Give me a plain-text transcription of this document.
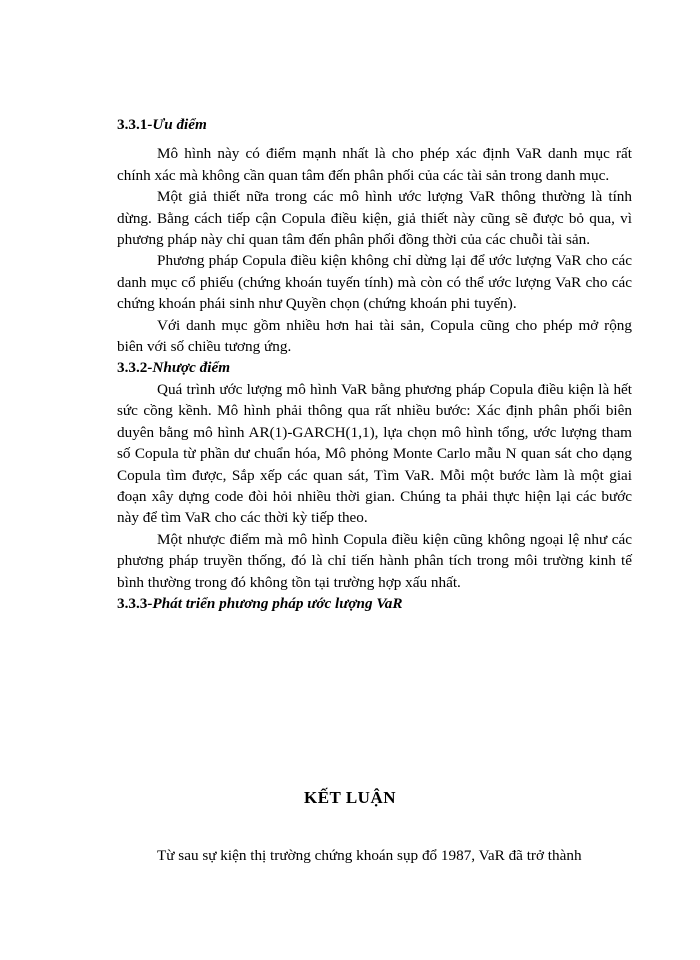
3.3.1-Ưu điểm

Mô hình này có điểm mạnh nhất là cho phép xác định VaR danh mục rất chính xác mà không cần quan tâm đến phân phối của các tài sản trong danh mục.

Một giả thiết nữa trong các mô hình ước lượng VaR thông thường là tính dừng. Bằng cách tiếp cận Copula điều kiện, giả thiết này cũng sẽ được bỏ qua, vì phương pháp này chỉ quan tâm đến phân phối đồng thời của các chuỗi tài sản.

Phương pháp Copula điều kiện không chỉ dừng lại để ước lượng VaR cho các danh mục cổ phiếu (chứng khoán tuyến tính) mà còn có thể ước lượng VaR cho các chứng khoán phái sinh như Quyền chọn (chứng khoán phi tuyến).

Với danh mục gồm nhiều hơn hai tài sản, Copula cũng cho phép mở rộng biên với số chiều tương ứng.

3.3.2-Nhược điểm

Quá trình ước lượng mô hình VaR bằng phương pháp Copula điều kiện là hết sức cồng kềnh. Mô hình phải thông qua rất nhiều bước: Xác định phân phối biên duyên bằng mô hình AR(1)-GARCH(1,1), lựa chọn mô hình tổng, ước lượng tham số Copula từ phần dư chuẩn hóa, Mô phỏng Monte Carlo mẫu N quan sát cho dạng Copula tìm được, Sắp xếp các quan sát, Tìm VaR. Mỗi một bước làm là một giai đoạn xây dựng code đòi hỏi nhiều thời gian. Chúng ta phải thực hiện lại các bước này để tìm VaR cho các thời kỳ tiếp theo.

Một nhược điểm mà mô hình Copula điều kiện cũng không ngoại lệ như các phương pháp truyền thống, đó là chỉ tiến hành phân tích trong môi trường kinh tế bình thường trong đó không tồn tại trường hợp xấu nhất.

3.3.3-Phát triển phương pháp ước lượng VaR
KẾT LUẬN

Từ sau sự kiện thị trường chứng khoán sụp đổ 1987, VaR đã trở thành
